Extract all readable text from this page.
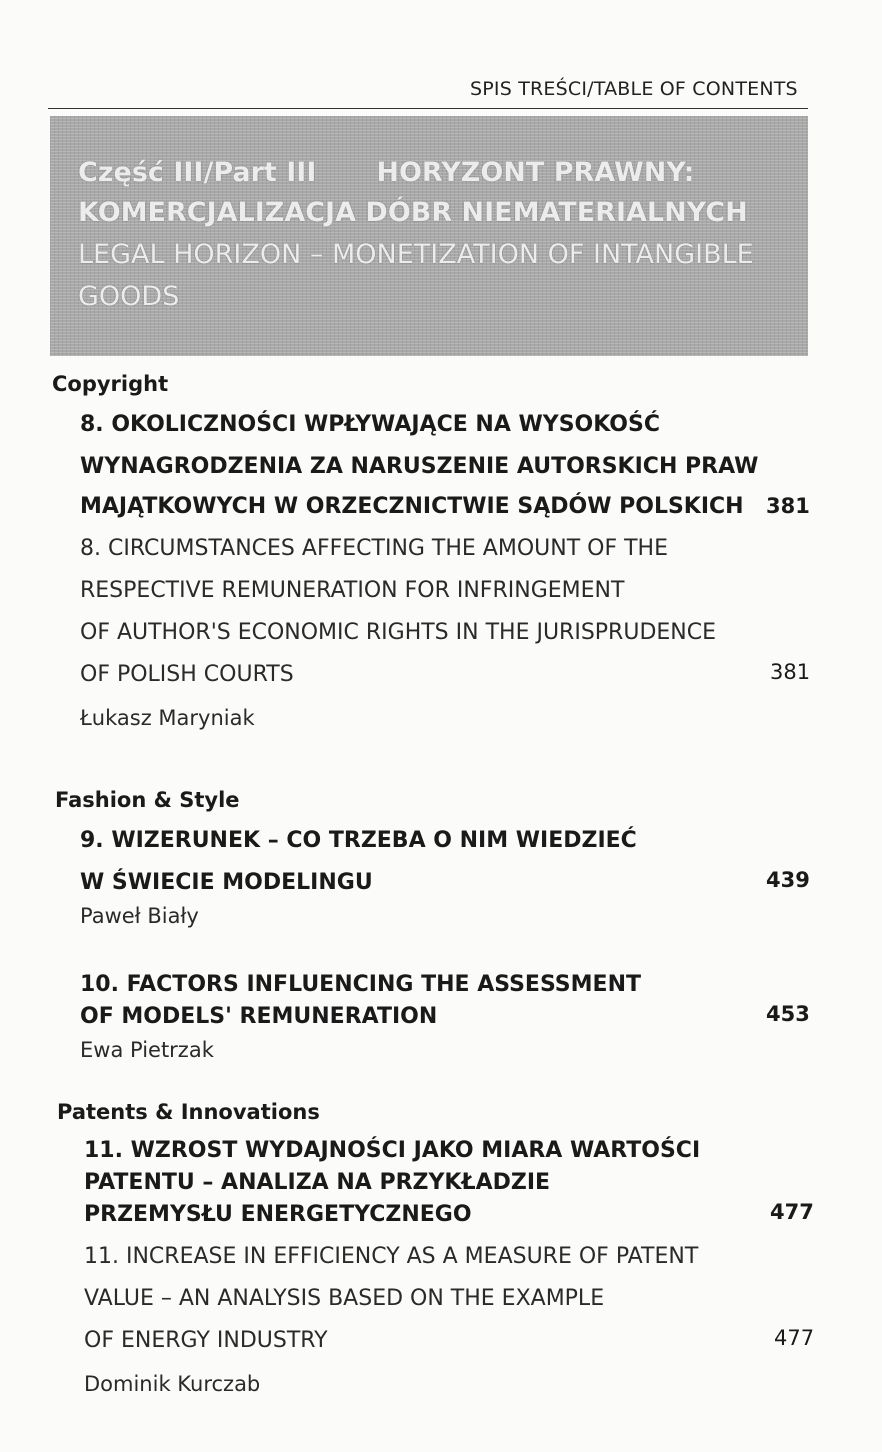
SPIS TREŚCI/TABLE OF CONTENTS
Część III/Part III HORYZONT PRAWNY:
KOMERCJALIZACJA DÓBR NIEMATERIALNYCH
LEGAL HORIZON – MONETIZATION OF INTANGIBLE
GOODS
Copyright
8. OKOLICZNOŚCI WPŁYWAJĄCE NA WYSOKOŚĆ
WYNAGRODZENIA ZA NARUSZENIE AUTORSKICH PRAW
MAJĄTKOWYCH W ORZECZNICTWIE SĄDÓW POLSKICH 381
8. CIRCUMSTANCES AFFECTING THE AMOUNT OF THE
RESPECTIVE REMUNERATION FOR INFRINGEMENT
OF AUTHOR'S ECONOMIC RIGHTS IN THE JURISPRUDENCE
OF POLISH COURTS	381
Łukasz Maryniak
Fashion & Style
9. WIZERUNEK – CO TRZEBA O NIM WIEDZIEĆ
W ŚWIECIE MODELINGU	439
Paweł Biały
10. FACTORS INFLUENCING THE ASSESSMENT
OF MODELS' REMUNERATION	453
Ewa Pietrzak
Patents & Innovations
11. WZROST WYDAJNOŚCI JAKO MIARA WARTOŚCI
PATENTU – ANALIZA NA PRZYKŁADZIE
PRZEMYSŁU ENERGETYCZNEGO	477
11. INCREASE IN EFFICIENCY AS A MEASURE OF PATENT
VALUE – AN ANALYSIS BASED ON THE EXAMPLE
OF ENERGY INDUSTRY	477
Dominik Kurczab
